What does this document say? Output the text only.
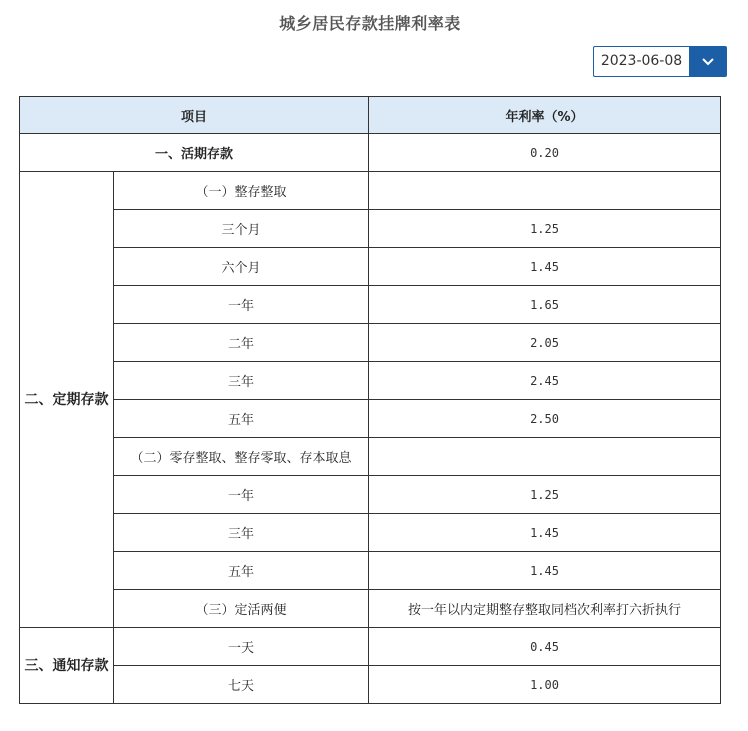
城乡居民存款挂牌利率表
2023-06-08
项目		年利率（%）
一、活期存款		0.20
二、定期存款	（一）整存整取	
	三个月	1.25
	六个月	1.45
	一年	1.65
	二年	2.05
	三年	2.45
	五年	2.50
	（二）零存整取、整存零取、存本取息	
	一年	1.25
	三年	1.45
	五年	1.45
	（三）定活两便	按一年以内定期整存整取同档次利率打六折执行
三、通知存款	一天	0.45
	七天	1.00
